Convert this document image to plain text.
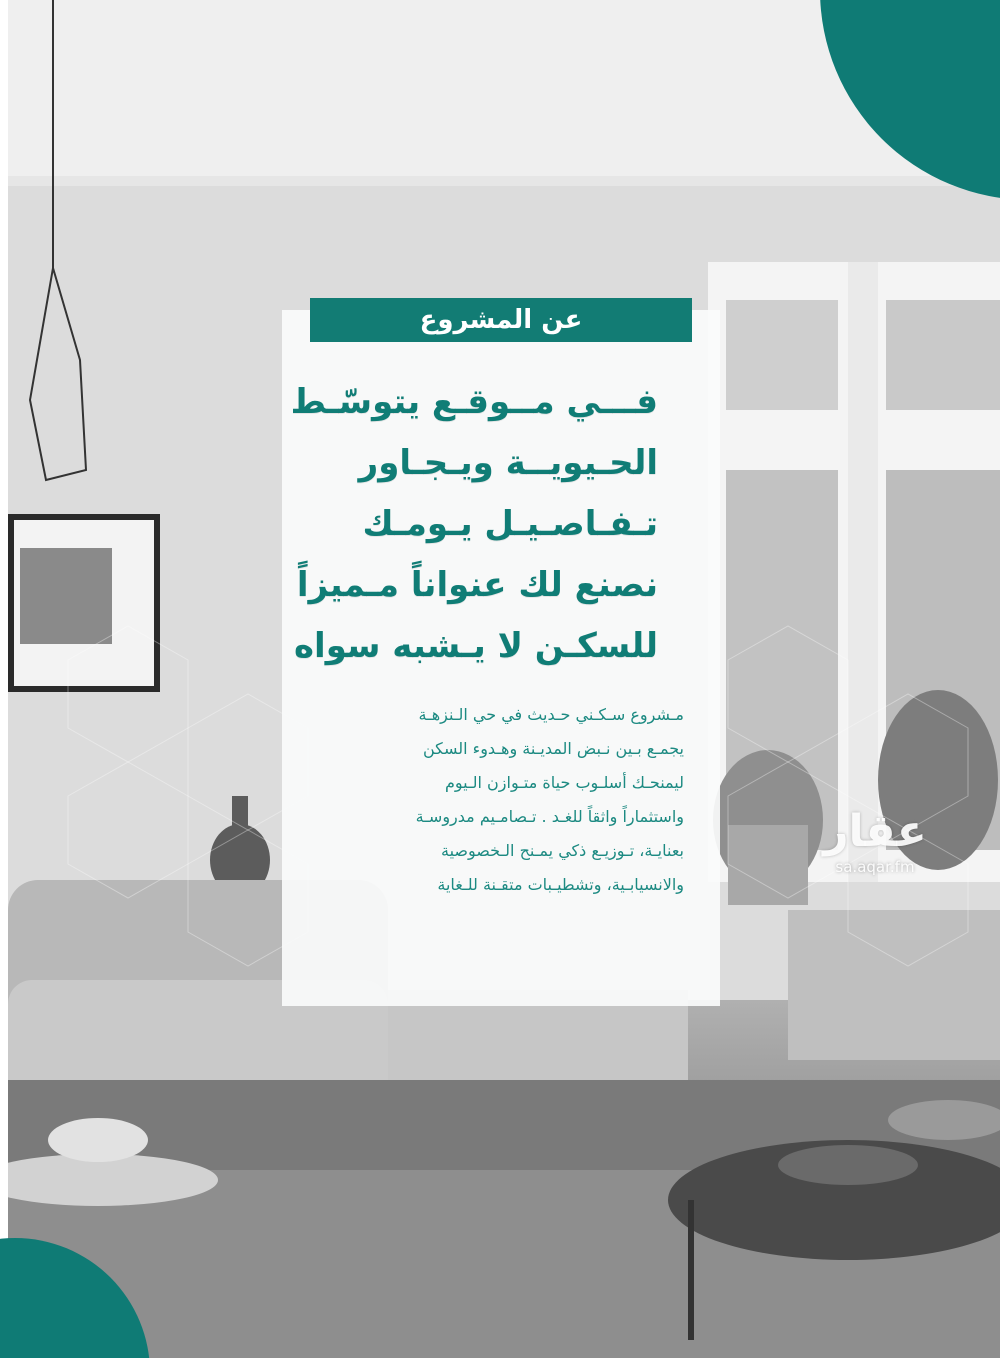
عن المشروع
فـــي مــوقـع يتوسّـط
الحـيويــة ويـجـاور
تـفـاصـيـل يـومـك
نصنع لك عنواناً مـميزاً
للسكـن لا يـشبه سواه
مـشروع سـكـني حـديث في حي الـنزهـة
يجمـع بـين نـبض المديـنة وهـدوء السكن
ليمنحـك أسلـوب حياة متـوازن الـيوم
واستثماراً واثقاً للغـد . تـصامـيم مدروسـة
بعنايـة، تـوزيـع ذكي يمـنح الـخصوصية
والانسيابـية، وتشطيـبات متقـنة للـغاية
عقار
sa.aqar.fm
